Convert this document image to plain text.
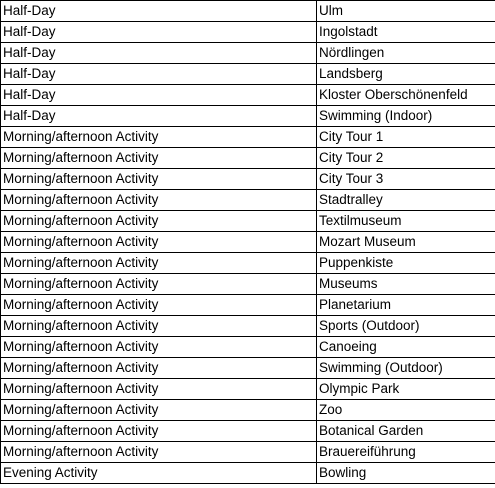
Half-Day	Ulm
Half-Day	Ingolstadt
Half-Day	Nördlingen
Half-Day	Landsberg
Half-Day	Kloster Oberschönenfeld
Half-Day	Swimming (Indoor)
Morning/afternoon Activity	City Tour 1
Morning/afternoon Activity	City Tour 2
Morning/afternoon Activity	City Tour 3
Morning/afternoon Activity	Stadtralley
Morning/afternoon Activity	Textilmuseum
Morning/afternoon Activity	Mozart Museum
Morning/afternoon Activity	Puppenkiste
Morning/afternoon Activity	Museums
Morning/afternoon Activity	Planetarium
Morning/afternoon Activity	Sports (Outdoor)
Morning/afternoon Activity	Canoeing
Morning/afternoon Activity	Swimming (Outdoor)
Morning/afternoon Activity	Olympic Park
Morning/afternoon Activity	Zoo
Morning/afternoon Activity	Botanical Garden
Morning/afternoon Activity	Brauereiführung
Evening Activity	Bowling
